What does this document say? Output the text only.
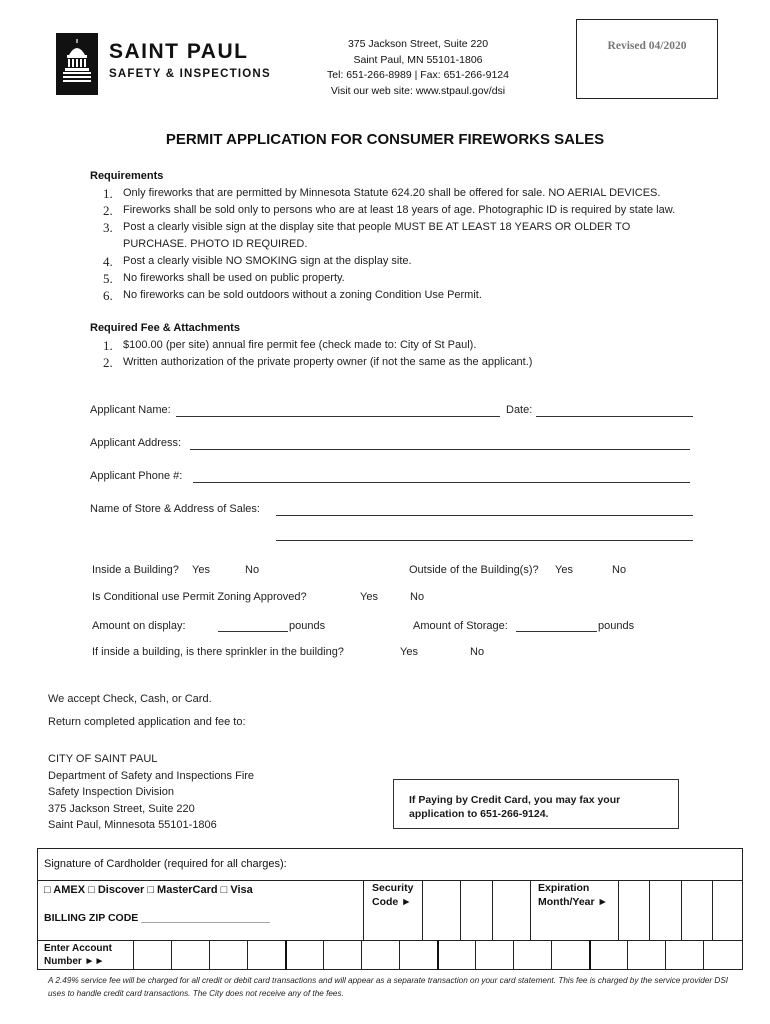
SAINT PAUL
SAFETY & INSPECTIONS
375 Jackson Street, Suite 220
Saint Paul, MN 55101-1806
Tel: 651-266-8989 | Fax: 651-266-9124
Visit our web site: www.stpaul.gov/dsi
Revised 04/2020
PERMIT APPLICATION FOR CONSUMER FIREWORKS SALES
Requirements
1. Only fireworks that are permitted by Minnesota Statute 624.20 shall be offered for sale. NO AERIAL DEVICES.
2. Fireworks shall be sold only to persons who are at least 18 years of age. Photographic ID is required by state law.
3. Post a clearly visible sign at the display site that people MUST BE AT LEAST 18 YEARS OR OLDER TO
PURCHASE. PHOTO ID REQUIRED.
4. Post a clearly visible NO SMOKING sign at the display site.
5. No fireworks shall be used on public property.
6. No fireworks can be sold outdoors without a zoning Condition Use Permit.
Required Fee & Attachments
1. $100.00 (per site) annual fire permit fee (check made to: City of St Paul).
2. Written authorization of the private property owner (if not the same as the applicant.)
Applicant Name:	Date:
Applicant Address:
Applicant Phone #:
Name of Store & Address of Sales:
Inside a Building? Yes	No	Outside of the Building(s)? Yes	No
Is Conditional use Permit Zoning Approved?	Yes	No
Amount on display:	pounds	Amount of Storage:	pounds
If inside a building, is there sprinkler in the building?	Yes	No
We accept Check, Cash, or Card.
Return completed application and fee to:
CITY OF SAINT PAUL
Department of Safety and Inspections Fire
Safety Inspection Division
375 Jackson Street, Suite 220
Saint Paul, Minnesota 55101-1806
If Paying by Credit Card, you may fax your application to 651-266-9124.
Signature of Cardholder (required for all charges):
□ AMEX □ Discover □ MasterCard □ Visa
BILLING ZIP CODE ______________________
Security
Code ►
Expiration
Month/Year ►
Enter Account
Number ►►
A 2.49% service fee will be charged for all credit or debit card transactions and will appear as a separate transaction on your card statement. This fee is charged by the service provider DSI uses to handle credit card transactions. The City does not receive any of the fees.
